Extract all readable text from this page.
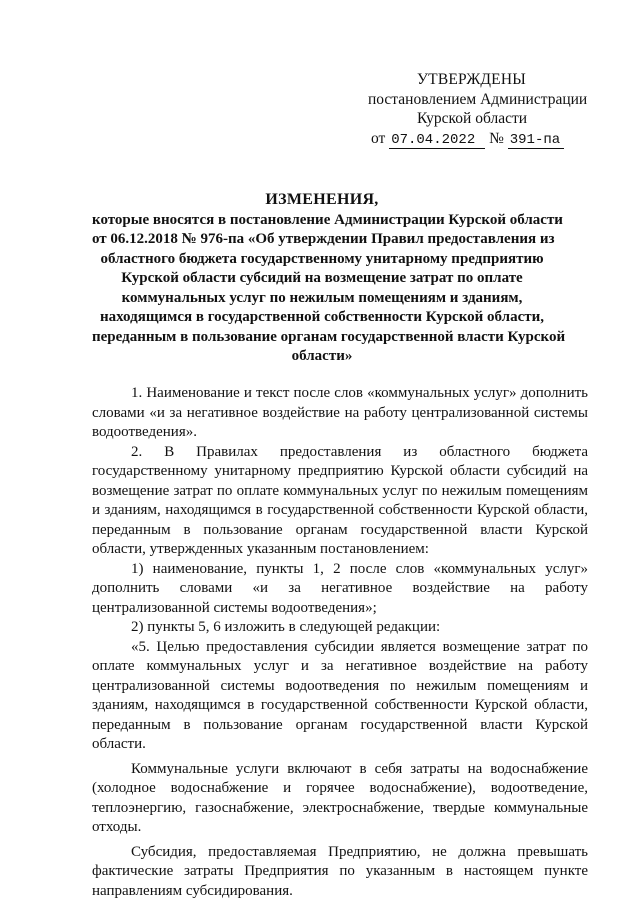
УТВЕРЖДЕНЫ
постановлением Администрации
Курской области
от 07.04.2022 № 391-па
ИЗМЕНЕНИЯ,
которые вносятся в постановление Администрации Курской области
от 06.12.2018 № 976-па «Об утверждении Правил предоставления из
областного бюджета государственному унитарному предприятию
Курской области субсидий на возмещение затрат по оплате
коммунальных услуг по нежилым помещениям и зданиям,
находящимся в государственной собственности Курской области,
переданным в пользование органам государственной власти Курской
области»

1. Наименование и текст после слов «коммунальных услуг» дополнить словами «и за негативное воздействие на работу централизованной системы водоотведения».

2. В Правилах предоставления из областного бюджета государственному унитарному предприятию Курской области субсидий на возмещение затрат по оплате коммунальных услуг по нежилым помещениям и зданиям, находящимся в государственной собственности Курской области, переданным в пользование органам государственной власти Курской области, утвержденных указанным постановлением:

1) наименование, пункты 1, 2 после слов «коммунальных услуг» дополнить словами «и за негативное воздействие на работу централизованной системы водоотведения»;

2) пункты 5, 6 изложить в следующей редакции:

«5. Целью предоставления субсидии является возмещение затрат по оплате коммунальных услуг и за негативное воздействие на работу централизованной системы водоотведения по нежилым помещениям и зданиям, находящимся в государственной собственности Курской области, переданным в пользование органам государственной власти Курской области.

Коммунальные услуги включают в себя затраты на водоснабжение (холодное водоснабжение и горячее водоснабжение), водоотведение, теплоэнергию, газоснабжение, электроснабжение, твердые коммунальные отходы.

Субсидия, предоставляемая Предприятию, не должна превышать фактические затраты Предприятия по указанным в настоящем пункте направлениям субсидирования.
